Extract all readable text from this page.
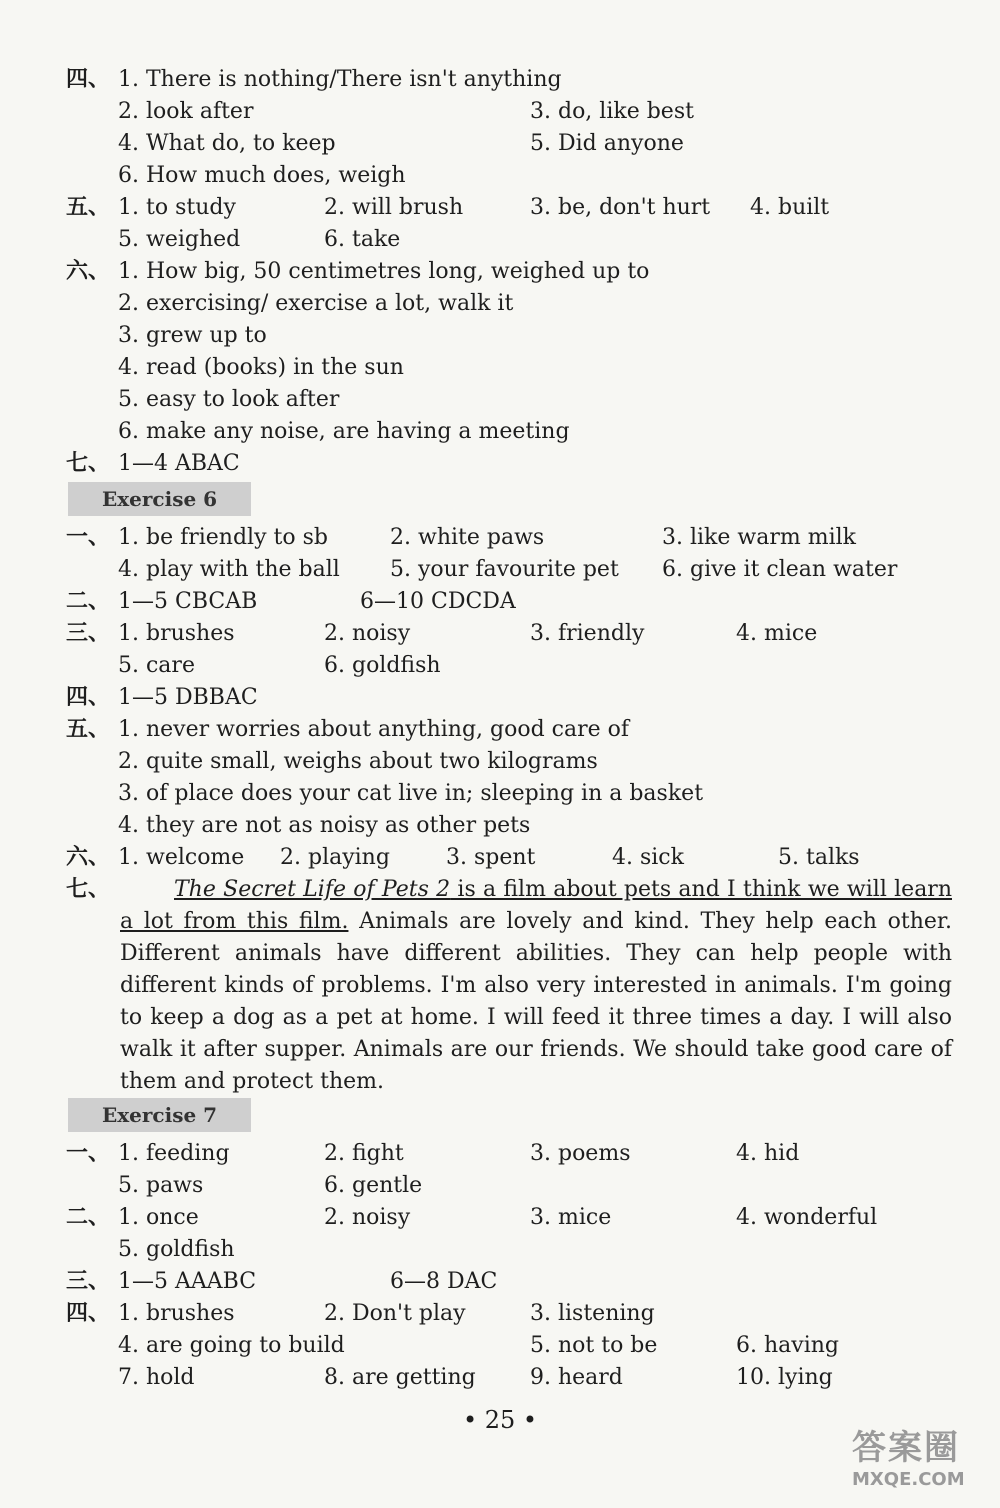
四、 1. There is nothing/There isn't anything
2. look after	3. do, like best
4. What do, to keep	5. Did anyone
6. How much does, weigh
五、 1. to study	2. will brush	3. be, don't hurt 4. built
5. weighed	6. take
六、 1. How big, 50 centimetres long, weighed up to
2. exercising/ exercise a lot, walk it
3. grew up to
4. read (books) in the sun
5. easy to look after
6. make any noise, are having a meeting
七、 1—4 ABAC
Exercise 6
一、 1. be friendly to sb	2. white paws	3. like warm milk
4. play with the ball 5. your favourite pet 6. give it clean water
二、 1—5 CBCAB	6—10 CDCDA
三、 1. brushes	2. noisy	3. friendly	4. mice
5. care	6. goldfish
四、 1—5 DBBAC
五、 1. never worries about anything, good care of
2. quite small, weighs about two kilograms
3. of place does your cat live in; sleeping in a basket
4. they are not as noisy as other pets
六、 1. welcome 2. playing	3. spent	4. sick	5. talks
七、	The Secret Life of Pets 2 is a film about pets and I think we will learn a lot from this film. Animals are lovely and kind. They help each other. Different animals have different abilities. They can help people with different kinds of problems. I'm also very interested in animals. I'm going to keep a dog as a pet at home. I will feed it three times a day. I will also walk it after supper. Animals are our friends. We should take good care of them and protect them.
Exercise 7
一、 1. feeding	2. fight	3. poems	4. hid
5. paws	6. gentle
二、 1. once	2. noisy	3. mice	4. wonderful
5. goldfish
三、 1—5 AAABC	6—8 DAC
四、 1. brushes	2. Don't play	3. listening
4. are going to build	5. not to be	6. having
7. hold	8. are getting 9. heard	10. lying
• 25 •
答案圈
MXQE.COM
